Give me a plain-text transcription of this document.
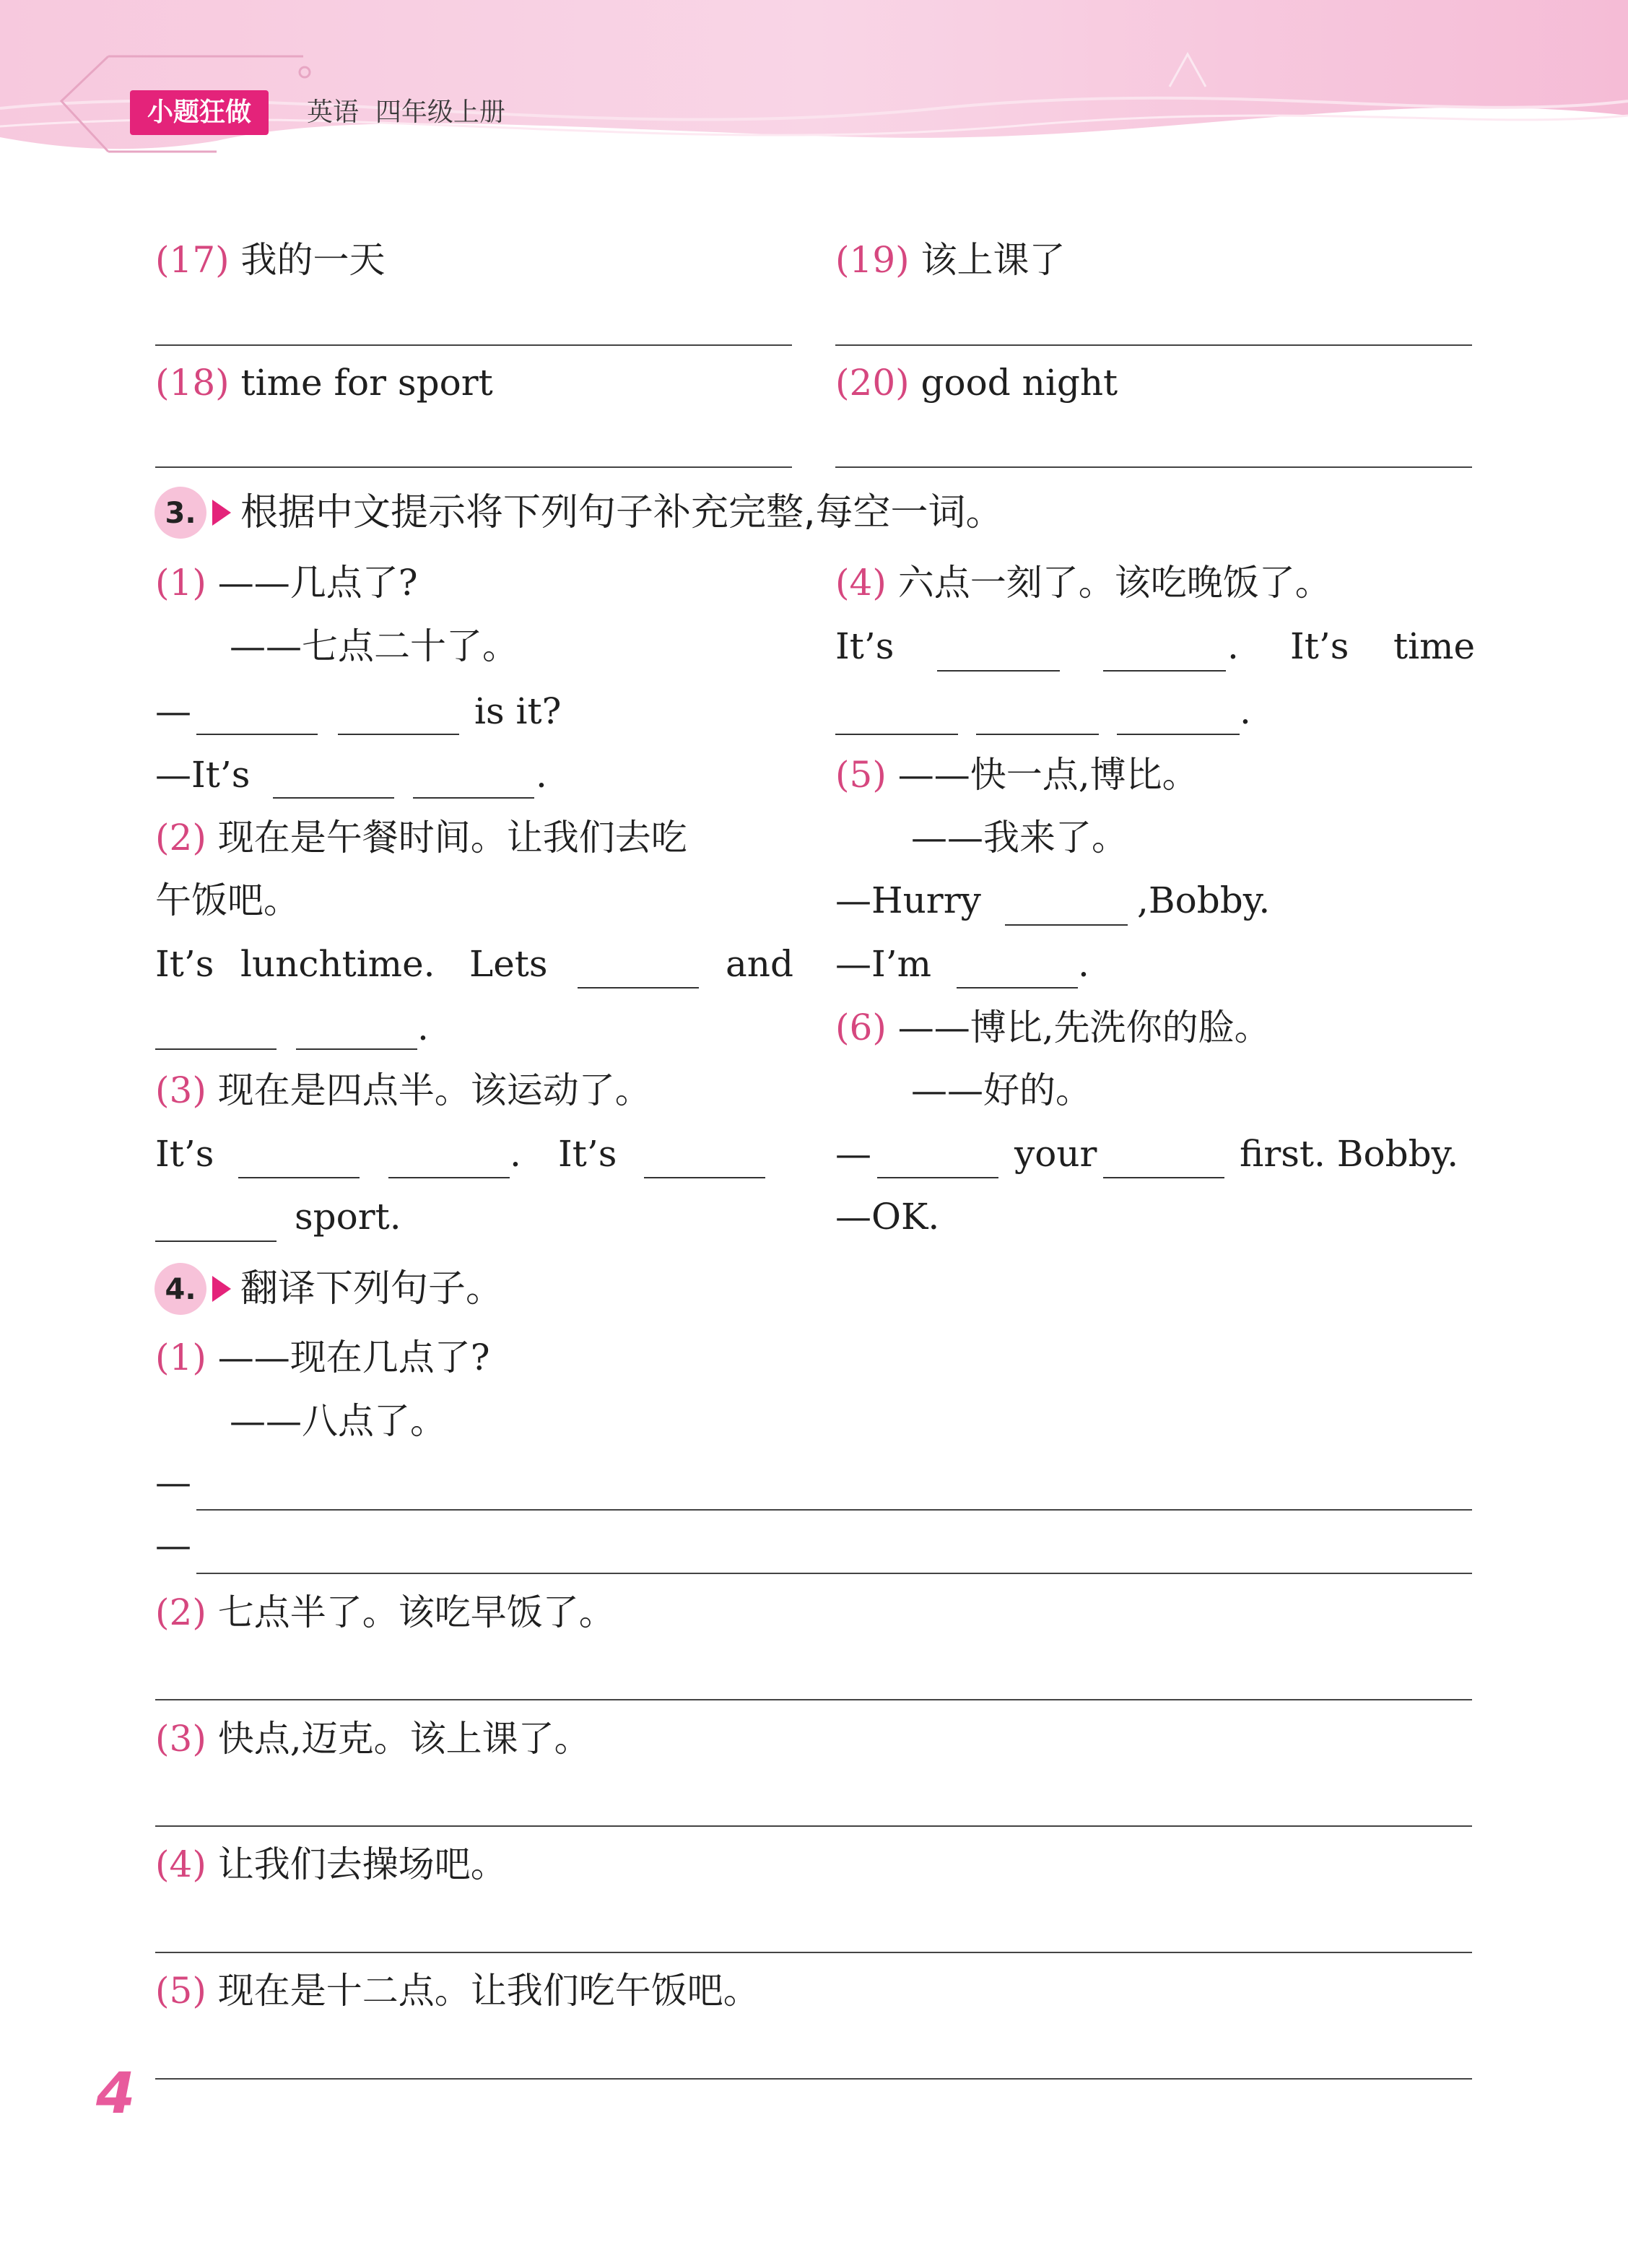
小题狂做	英语  四年级上册
(17) 我的一天
(18) time for sport
(19) 该上课了
(20) good night
3. 根据中文提示将下列句子补充完整,每空一词。
(1) ——几点了?
——七点二十了。
—	is it?
—It’s	.
(2) 现在是午餐时间。让我们去吃
午饭吧。
It’s lunchtime. Lets	and
.
(3) 现在是四点半。该运动了。
It’s	. It’s
sport.
(4) 六点一刻了。该吃晚饭了。
It’s	. It’s time
.
(5) ——快一点,博比。
——我来了。
—Hurry	,Bobby.
—I’m	.
(6) ——博比,先洗你的脸。
——好的。
—	your	first. Bobby.
—OK.
4. 翻译下列句子。
(1) ——现在几点了?
——八点了。
—
—
(2) 七点半了。该吃早饭了。
(3) 快点,迈克。该上课了。
(4) 让我们去操场吧。
(5) 现在是十二点。让我们吃午饭吧。
4
